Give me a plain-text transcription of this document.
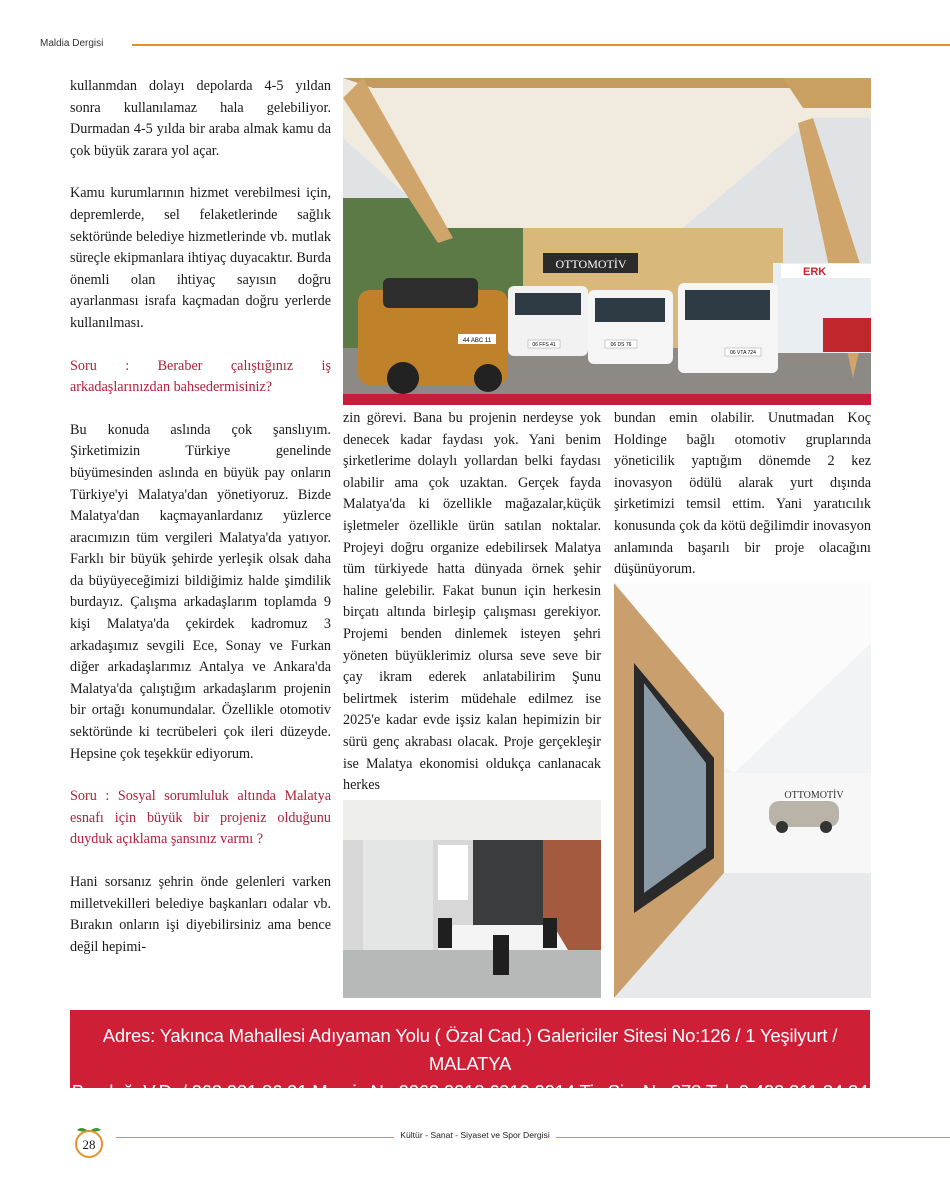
Maldia Dergisi

kullanmdan dolayı depolarda 4-5 yıldan sonra kullanılamaz hala gelebiliyor. Durmadan 4-5 yılda bir araba almak kamu da çok büyük zarara yol açar.

Kamu kurumlarının hizmet verebilmesi için, depremlerde, sel felaketlerinde sağlık sektöründe belediye hizmetlerinde vb. mutlak süreçle ekipmanlara ihtiyaç duyacaktır. Burda önemli olan ihtiyaç sayısın doğru ayarlanması israfa kaçmadan doğru yerlerde kullanılması.

Soru : Beraber çalıştığınız iş arkadaşlarınızdan bahsedermisiniz?

Bu konuda aslında çok şanslıyım. Şirketimizin Türkiye genelinde büyümesinden aslında en büyük pay onların Türkiye'yi Malatya'dan yönetiyoruz. Bizde Malatya'dan kaçmayanlardanız yüzlerce aracımızın tüm vergileri Malatya'da yatıyor. Farklı bir büyük şehirde yerleşik olsak daha da büyüyeceğimizi bildiğimiz halde şimdilik burdayız. Çalışma arkadaşlarım toplamda 9 kişi Malatya'da çekirdek kadromuz 3 arkadaşımız sevgili Ece, Sonay ve Furkan diğer arkadaşlarımız Antalya ve Ankara'da Malatya'da çalıştığım arkadaşlarım projenin bir ortağı konumundalar. Özellikle otomotiv sektöründe ki tecrübeleri çok ileri düzeyde. Hepsine çok teşekkür ediyorum.

Soru : Sosyal sorumluluk altında Malatya esnafı için büyük bir projeniz olduğunu duyduk açıklama şansınız varmı ?

Hani sorsanız şehrin önde gelenleri varken milletvekilleri belediye başkanları odalar vb. Bırakın onların işi diyebilirsiniz ama bence değil hepimi-

OTTOMOTİV
ERK
44 ABC 11
06 DS 76
06 VTA 724
06 FFS 41

zin görevi. Bana bu projenin nerdeyse yok denecek kadar faydası yok. Yani benim şirketlerime dolaylı yollardan belki faydası olabilir ama çok uzaktan. Gerçek fayda Malatya'da ki özellikle mağazalar,küçük işletmeler özellikle ürün satılan noktalar. Projeyi doğru organize edebilirsek Malatya tüm türkiyede hatta dünyada örnek şehir haline gelebilir. Fakat bunun için herkesin birçatı altında birleşip çalışması gerekiyor. Projemi benden dinlemek isteyen şehri yöneten büyüklerimiz olursa seve seve bir çay ikram ederek anlatabilirim Şunu belirtmek isterim müdehale edilmez ise 2025'e kadar evde işsiz kalan hepimizin bir sürü genç akrabası olacak. Proje gerçekleşir ise Malatya ekonomisi oldukça canlanacak herkes

bundan emin olabilir. Unutmadan Koç Holdinge bağlı otomotiv gruplarında yöneticilik yaptığım dönemde 2 kez inovasyon ödülü alarak yurt dışında şirketimizi temsil ettim. Yani yaratıcılık konusunda çok da kötü değilimdir inovasyon anlamında başarılı bir proje olacağını düşünüyorum.

OTTOMOTİV
Adres: Yakınca Mahallesi Adıyaman Yolu ( Özal Cad.) Galericiler Sitesi No:126 / 1 Yeşilyurt / MALATYA
Beydağı V.D. / 062 001 86 91 Mersis No:0062 0018 6910 0014 Tic Sic. No:378 Tel: 0 422 211 34 34
28
Kültür - Sanat - Siyaset ve Spor Dergisi
